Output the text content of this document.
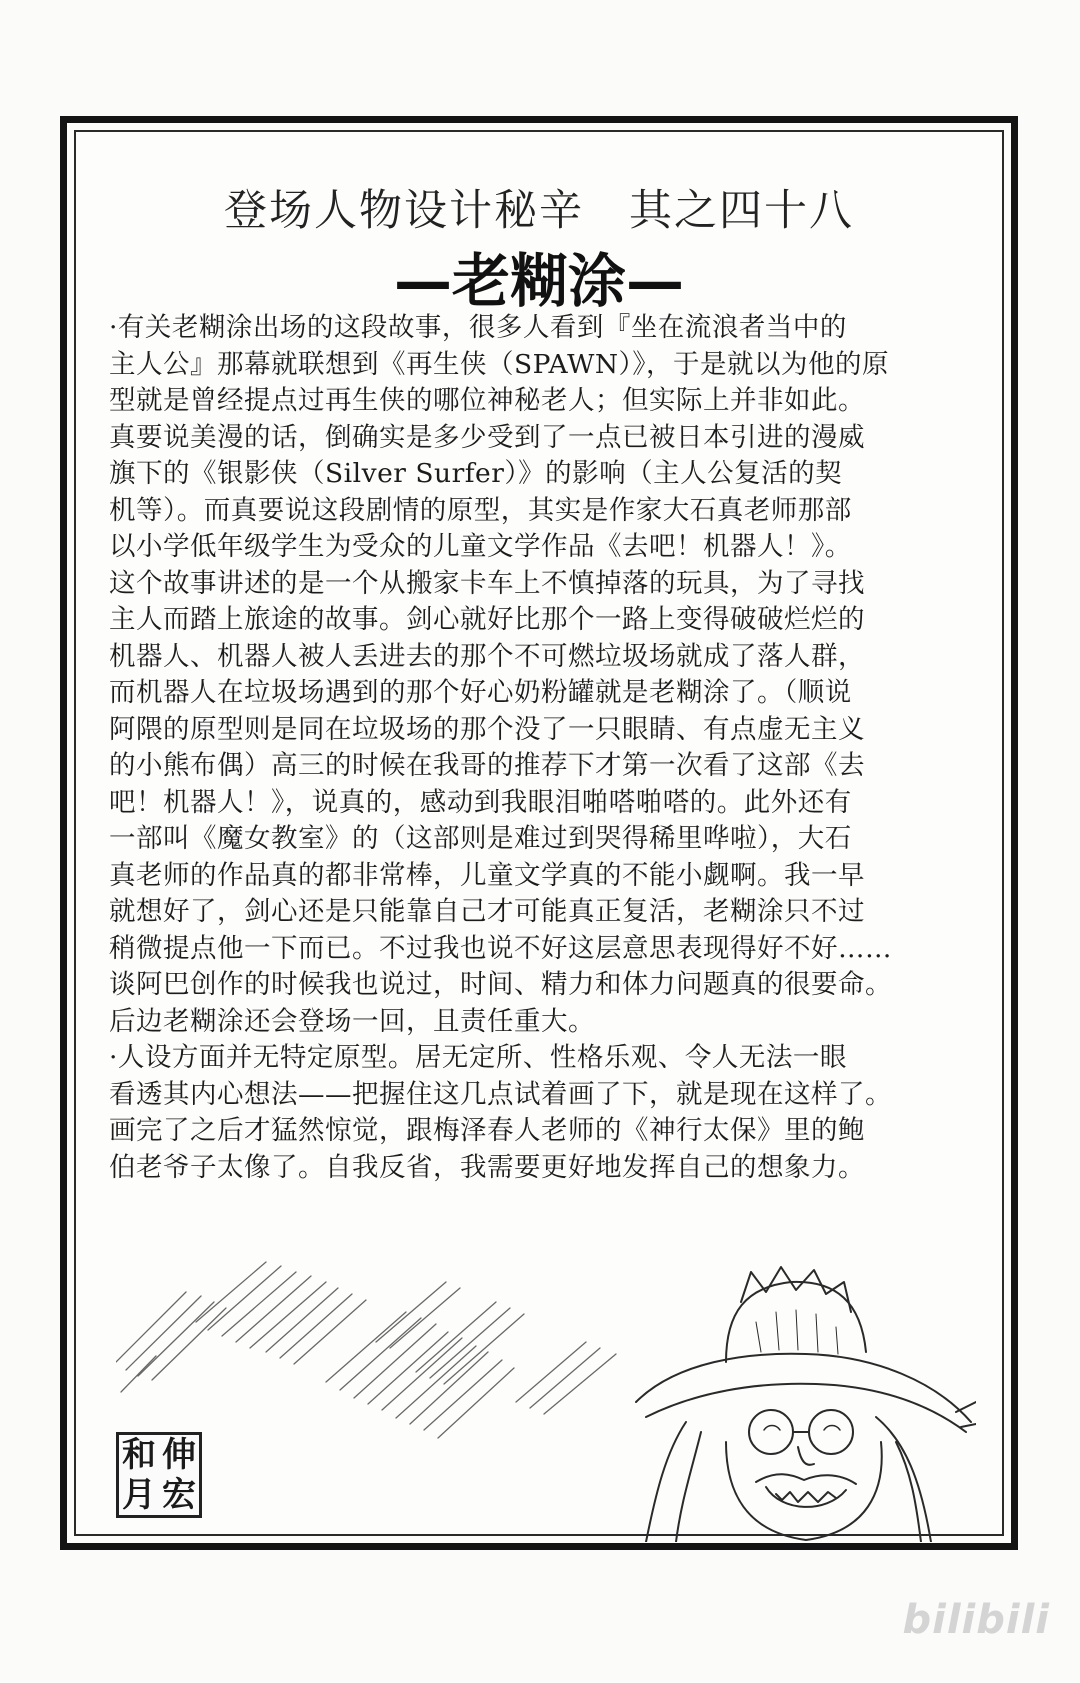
登场人物设计秘辛　其之四十八
—老糊涂—
·有关老糊涂出场的这段故事，很多人看到『坐在流浪者当中的
主人公』那幕就联想到《再生侠（SPAWN）》，于是就以为他的原
型就是曾经提点过再生侠的哪位神秘老人；但实际上并非如此。
真要说美漫的话，倒确实是多少受到了一点已被日本引进的漫威
旗下的《银影侠（Silver Surfer）》的影响（主人公复活的契
机等）。而真要说这段剧情的原型，其实是作家大石真老师那部
以小学低年级学生为受众的儿童文学作品《去吧！机器人！》。
这个故事讲述的是一个从搬家卡车上不慎掉落的玩具，为了寻找
主人而踏上旅途的故事。剑心就好比那个一路上变得破破烂烂的
机器人、机器人被人丢进去的那个不可燃垃圾场就成了落人群，
而机器人在垃圾场遇到的那个好心奶粉罐就是老糊涂了。（顺说
阿隈的原型则是同在垃圾场的那个没了一只眼睛、有点虚无主义
的小熊布偶）高三的时候在我哥的推荐下才第一次看了这部《去
吧！机器人！》，说真的，感动到我眼泪啪嗒啪嗒的。此外还有
一部叫《魔女教室》的（这部则是难过到哭得稀里哗啦），大石
真老师的作品真的都非常棒，儿童文学真的不能小觑啊。我一早
就想好了，剑心还是只能靠自己才可能真正复活，老糊涂只不过
稍微提点他一下而已。不过我也说不好这层意思表现得好不好……
谈阿巴创作的时候我也说过，时间、精力和体力问题真的很要命。
后边老糊涂还会登场一回，且责任重大。
·人设方面并无特定原型。居无定所、性格乐观、令人无法一眼
看透其内心想法——把握住这几点试着画了下，就是现在这样了。
画完了之后才猛然惊觉，跟梅泽春人老师的《神行太保》里的鲍
伯老爷子太像了。自我反省，我需要更好地发挥自己的想象力。
和 伸
月 宏
bilibili
